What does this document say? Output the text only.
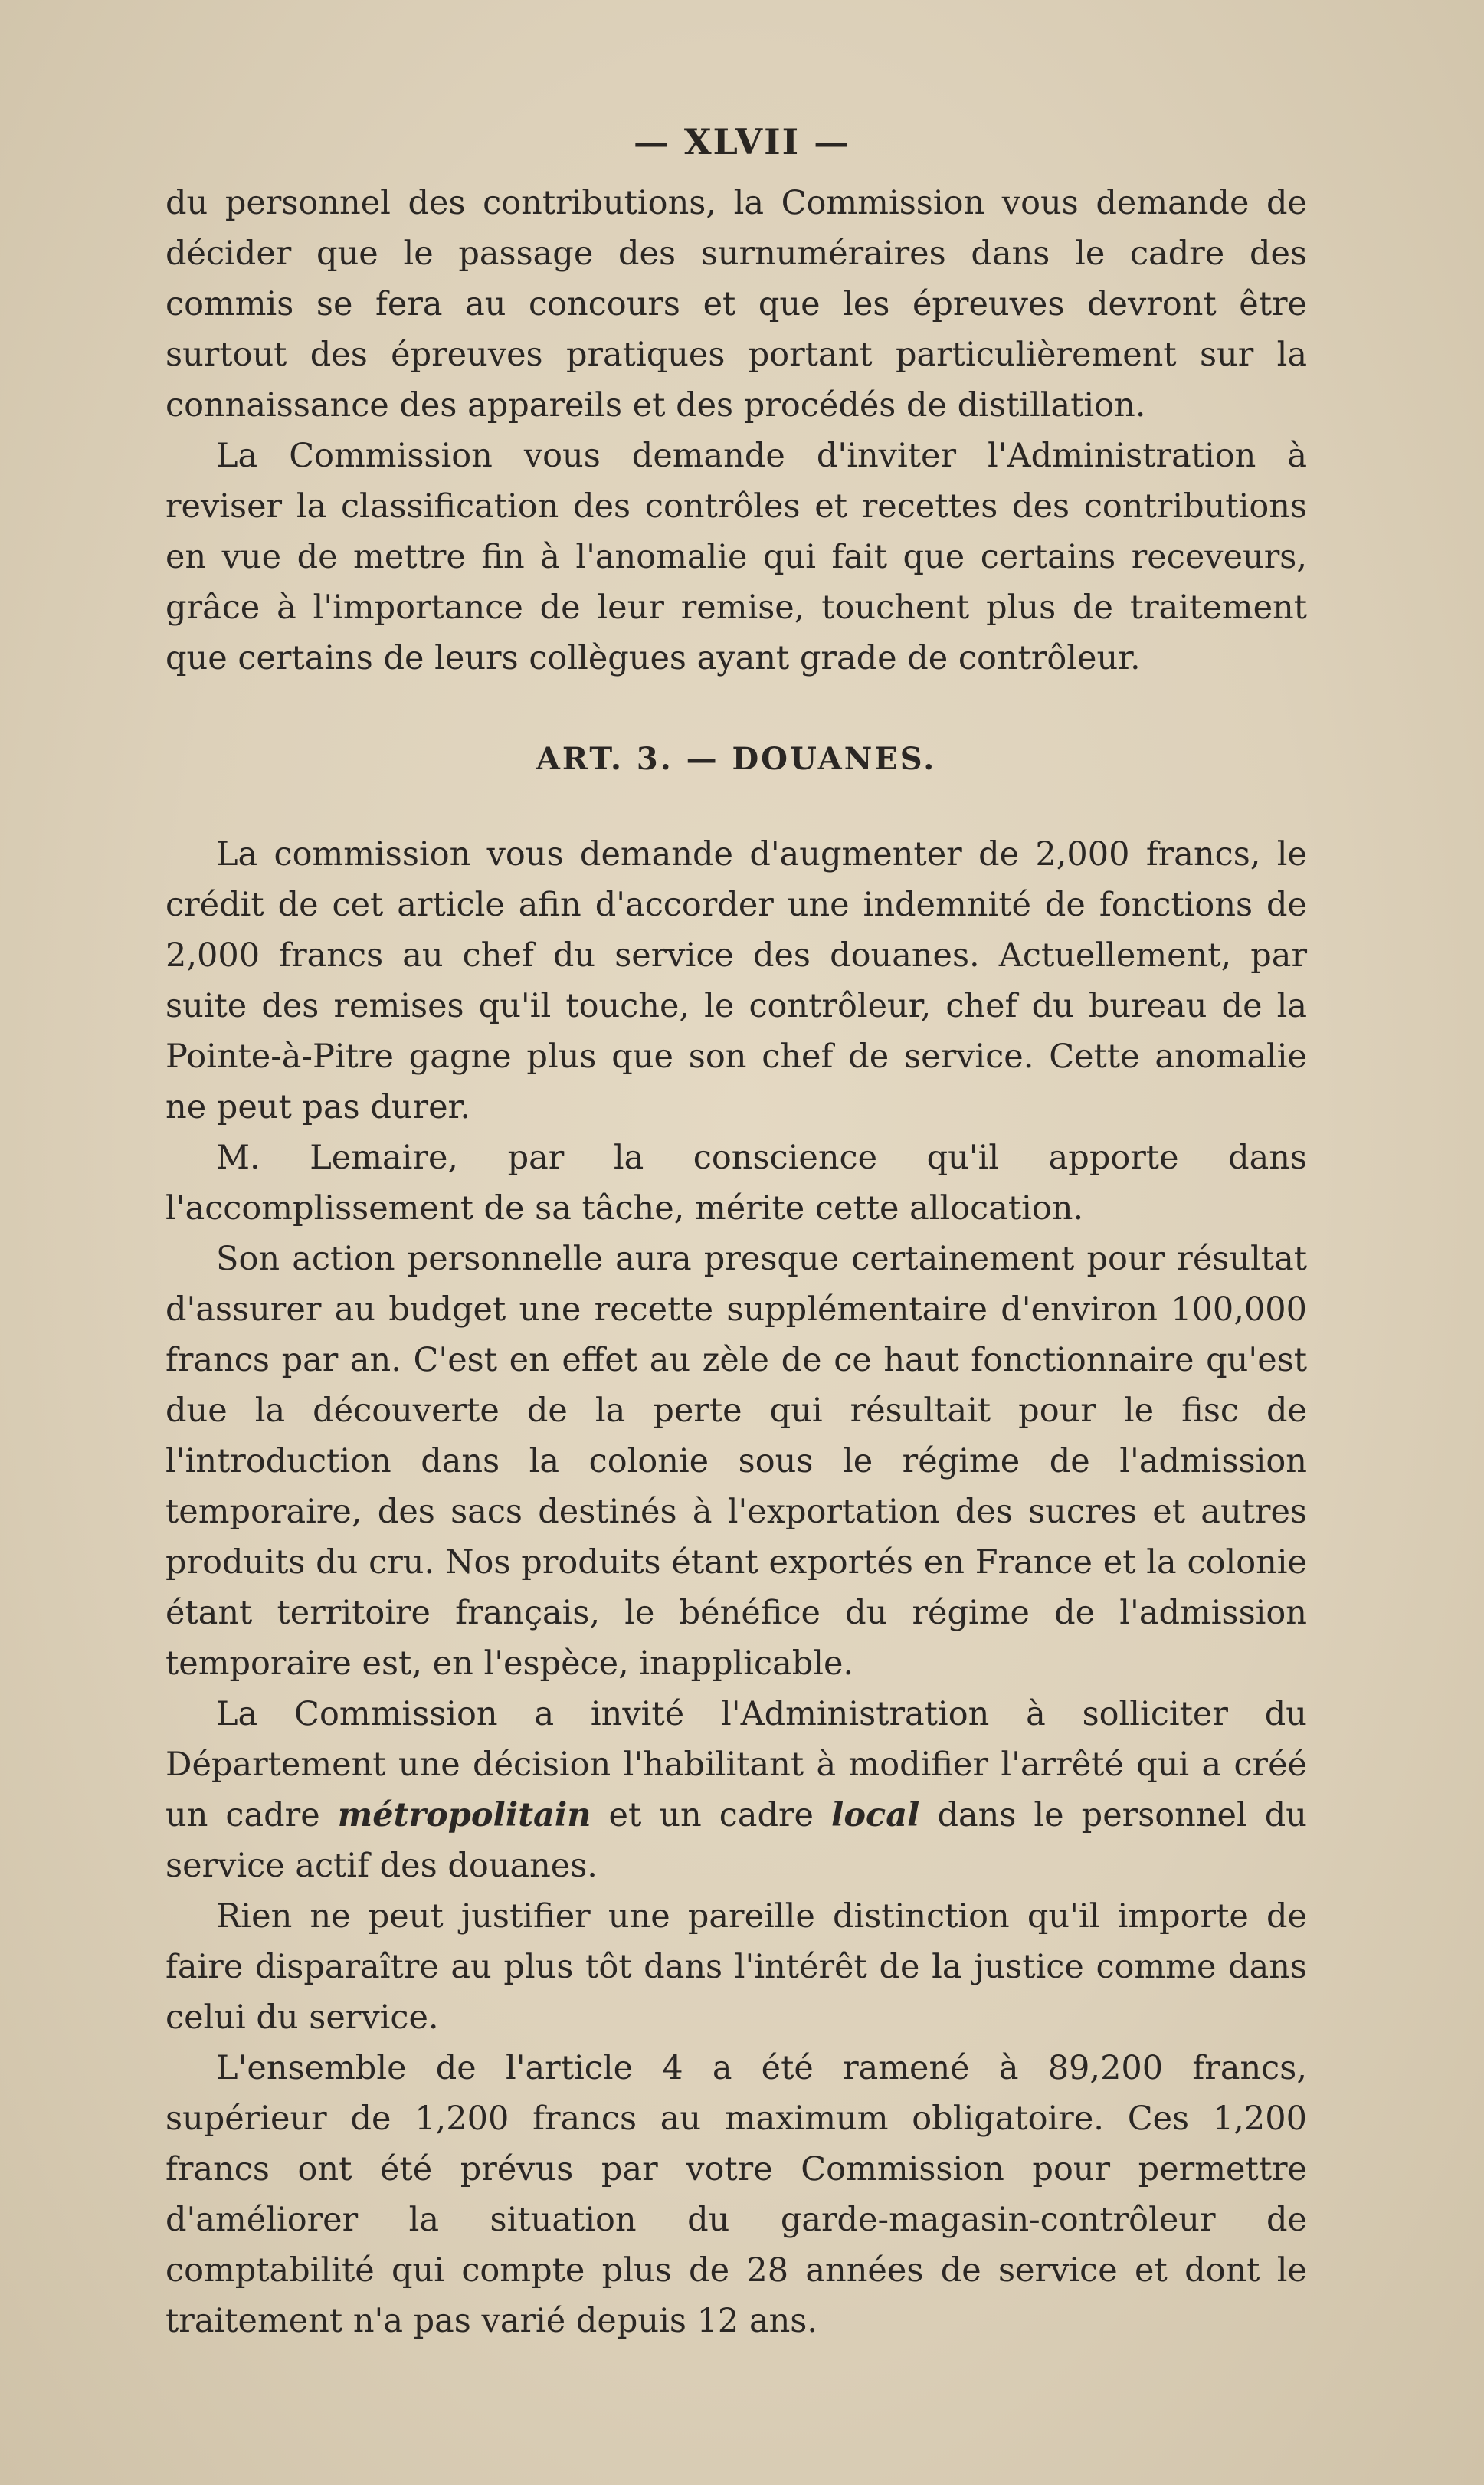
— XLVII —

du personnel des contributions, la Commission vous demande de décider que le passage des surnuméraires dans le cadre des commis se fera au concours et que les épreuves devront être surtout des épreuves pratiques portant particulièrement sur la connaissance des appareils et des procédés de distillation.

La Commission vous demande d'inviter l'Administration à reviser la classification des contrôles et recettes des contributions en vue de mettre fin à l'anomalie qui fait que certains receveurs, grâce à l'importance de leur remise, touchent plus de traitement que certains de leurs collègues ayant grade de contrôleur.

ART. 3. — DOUANES.

La commission vous demande d'augmenter de 2,000 francs, le crédit de cet article afin d'accorder une indemnité de fonctions de 2,000 francs au chef du service des douanes. Actuellement, par suite des remises qu'il touche, le contrôleur, chef du bureau de la Pointe-à-Pitre gagne plus que son chef de service. Cette anomalie ne peut pas durer.

M. Lemaire, par la conscience qu'il apporte dans l'accomplissement de sa tâche, mérite cette allocation.

Son action personnelle aura presque certainement pour résultat d'assurer au budget une recette supplémentaire d'environ 100,000 francs par an. C'est en effet au zèle de ce haut fonctionnaire qu'est due la découverte de la perte qui résultait pour le fisc de l'introduction dans la colonie sous le régime de l'admission temporaire, des sacs destinés à l'exportation des sucres et autres produits du cru. Nos produits étant exportés en France et la colonie étant territoire français, le bénéfice du régime de l'admission temporaire est, en l'espèce, inapplicable.

La Commission a invité l'Administration à solliciter du Département une décision l'habilitant à modifier l'arrêté qui a créé un cadre métropolitain et un cadre local dans le personnel du service actif des douanes.

Rien ne peut justifier une pareille distinction qu'il importe de faire disparaître au plus tôt dans l'intérêt de la justice comme dans celui du service.

L'ensemble de l'article 4 a été ramené à 89,200 francs, supérieur de 1,200 francs au maximum obligatoire. Ces 1,200 francs ont été prévus par votre Commission pour permettre d'améliorer la situation du garde-magasin-contrôleur de comptabilité qui compte plus de 28 années de service et dont le traitement n'a pas varié depuis 12 ans.
